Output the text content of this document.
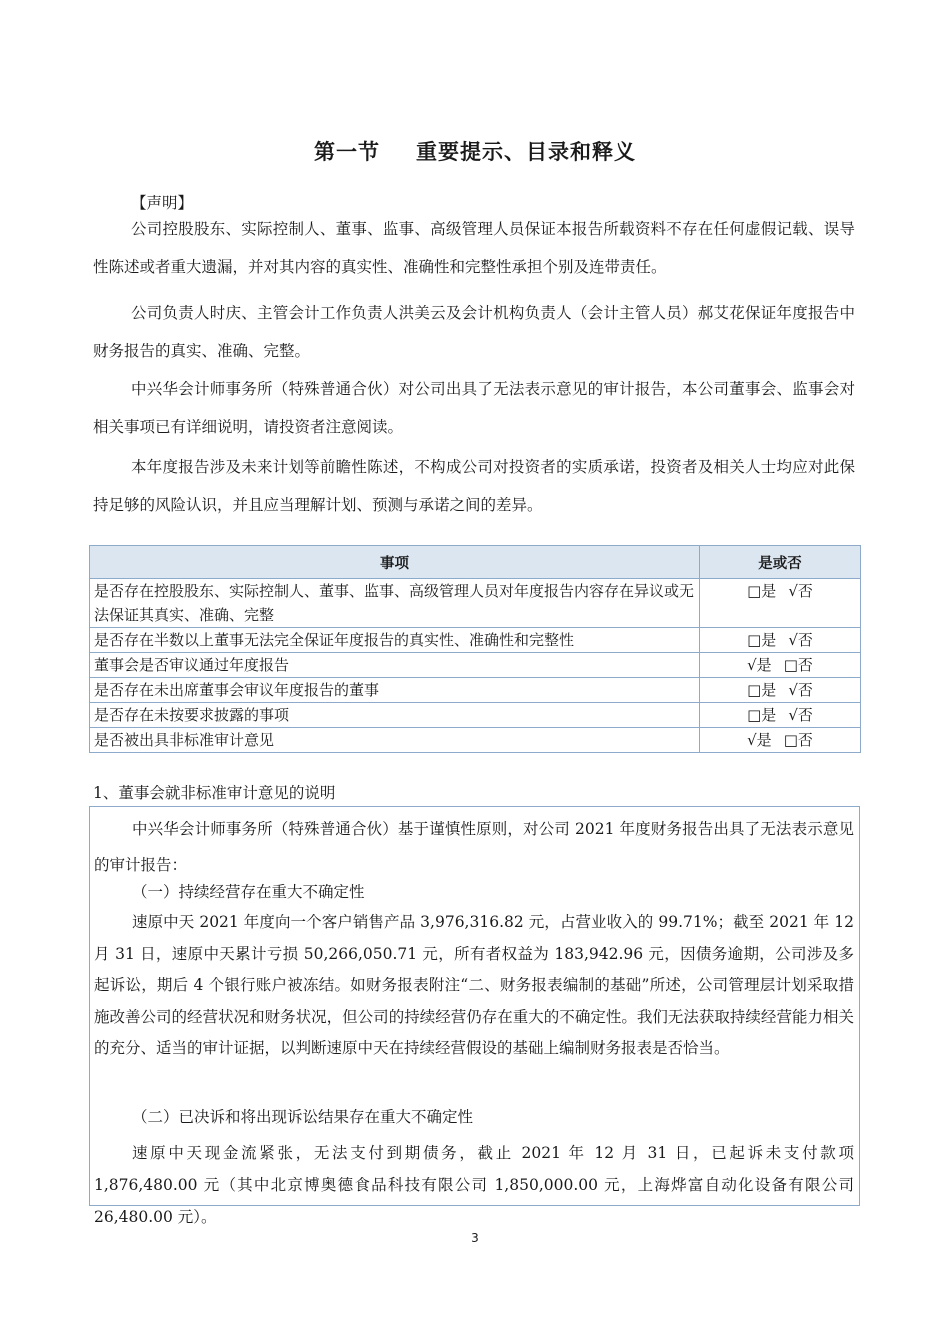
第一节 重要提示、目录和释义
【声明】

公司控股股东、实际控制人、董事、监事、高级管理人员保证本报告所载资料不存在任何虚假记载、误导性陈述或者重大遗漏，并对其内容的真实性、准确性和完整性承担个别及连带责任。

公司负责人时庆、主管会计工作负责人洪美云及会计机构负责人（会计主管人员）郝艾花保证年度报告中财务报告的真实、准确、完整。

中兴华会计师事务所（特殊普通合伙）对公司出具了无法表示意见的审计报告，本公司董事会、监事会对相关事项已有详细说明，请投资者注意阅读。

本年度报告涉及未来计划等前瞻性陈述，不构成公司对投资者的实质承诺，投资者及相关人士均应对此保持足够的风险认识，并且应当理解计划、预测与承诺之间的差异。

事项	是或否
是否存在控股股东、实际控制人、董事、监事、高级管理人员对年度报告内容存在异议或无法保证其真实、准确、完整	□是 √否
是否存在半数以上董事无法完全保证年度报告的真实性、准确性和完整性	□是 √否
董事会是否审议通过年度报告	√是 □否
是否存在未出席董事会审议年度报告的董事	□是 √否
是否存在未按要求披露的事项	□是 √否
是否被出具非标准审计意见	√是 □否
1、董事会就非标准审计意见的说明

中兴华会计师事务所（特殊普通合伙）基于谨慎性原则，对公司 2021 年度财务报告出具了无法表示意见的审计报告：

（一）持续经营存在重大不确定性

速原中天 2021 年度向一个客户销售产品 3,976,316.82 元，占营业收入的 99.71%；截至 2021 年 12 月 31 日，速原中天累计亏损 50,266,050.71 元，所有者权益为 183,942.96 元，因债务逾期，公司涉及多起诉讼，期后 4 个银行账户被冻结。如财务报表附注“二、财务报表编制的基础”所述，公司管理层计划采取措施改善公司的经营状况和财务状况，但公司的持续经营仍存在重大的不确定性。我们无法获取持续经营能力相关的充分、适当的审计证据，以判断速原中天在持续经营假设的基础上编制财务报表是否恰当。

（二）已决诉和将出现诉讼结果存在重大不确定性

速原中天现金流紧张，无法支付到期债务，截止 2021 年 12 月 31 日，已起诉未支付款项 1,876,480.00 元（其中北京博奥德食品科技有限公司 1,850,000.00 元，上海烨富自动化设备有限公司 26,480.00 元）。

3
